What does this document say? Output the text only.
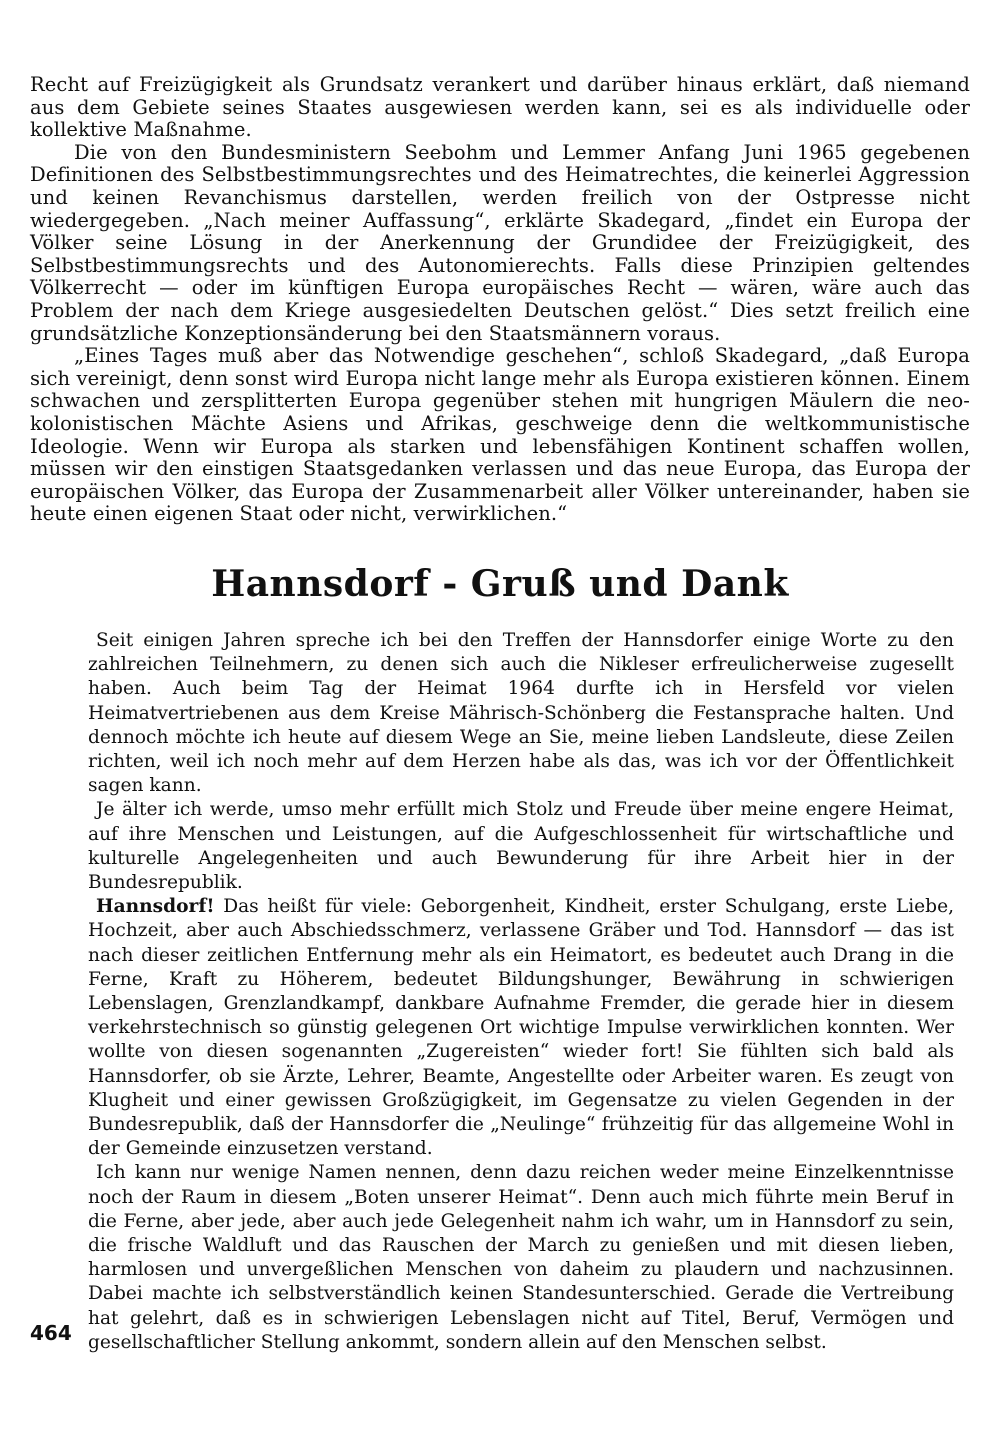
Recht auf Freizügigkeit als Grundsatz verankert und darüber hinaus erklärt, daß niemand aus dem Gebiete seines Staates ausgewiesen werden kann, sei es als individuelle oder kollektive Maßnahme.

Die von den Bundesministern Seebohm und Lemmer Anfang Juni 1965 gegebenen Definitionen des Selbstbestimmungsrechtes und des Heimatrechtes, die keinerlei Aggression und keinen Revanchismus darstellen, werden freilich von der Ostpresse nicht wiedergegeben. „Nach meiner Auffassung“, erklärte Skadegard, „findet ein Europa der Völker seine Lösung in der Anerkennung der Grundidee der Freizügigkeit, des Selbstbestimmungsrechts und des Autonomierechts. Falls diese Prinzipien geltendes Völkerrecht — oder im künftigen Europa europäisches Recht — wären, wäre auch das Problem der nach dem Kriege ausgesiedelten Deutschen gelöst.“ Dies setzt freilich eine grundsätzliche Konzeptionsänderung bei den Staatsmännern voraus.

„Eines Tages muß aber das Notwendige geschehen“, schloß Skadegard, „daß Europa sich vereinigt, denn sonst wird Europa nicht lange mehr als Europa existieren können. Einem schwachen und zersplitterten Europa gegenüber stehen mit hungrigen Mäulern die neo-kolonistischen Mächte Asiens und Afrikas, geschweige denn die weltkommunistische Ideologie. Wenn wir Europa als starken und lebensfähigen Kontinent schaffen wollen, müssen wir den einstigen Staatsgedanken verlassen und das neue Europa, das Europa der europäischen Völker, das Europa der Zusammenarbeit aller Völker untereinander, haben sie heute einen eigenen Staat oder nicht, verwirklichen.“

Hannsdorf - Gruß und Dank

Seit einigen Jahren spreche ich bei den Treffen der Hannsdorfer einige Worte zu den zahlreichen Teilnehmern, zu denen sich auch die Nikleser erfreulicherweise zugesellt haben. Auch beim Tag der Heimat 1964 durfte ich in Hersfeld vor vielen Heimatvertriebenen aus dem Kreise Mährisch-Schönberg die Festansprache halten. Und dennoch möchte ich heute auf diesem Wege an Sie, meine lieben Landsleute, diese Zeilen richten, weil ich noch mehr auf dem Herzen habe als das, was ich vor der Öffentlichkeit sagen kann.

Je älter ich werde, umso mehr erfüllt mich Stolz und Freude über meine engere Heimat, auf ihre Menschen und Leistungen, auf die Aufgeschlossenheit für wirtschaftliche und kulturelle Angelegenheiten und auch Bewunderung für ihre Arbeit hier in der Bundesrepublik.

Hannsdorf! Das heißt für viele: Geborgenheit, Kindheit, erster Schulgang, erste Liebe, Hochzeit, aber auch Abschiedsschmerz, verlassene Gräber und Tod. Hannsdorf — das ist nach dieser zeitlichen Entfernung mehr als ein Heimatort, es bedeutet auch Drang in die Ferne, Kraft zu Höherem, bedeutet Bildungshunger, Bewährung in schwierigen Lebenslagen, Grenzlandkampf, dankbare Aufnahme Fremder, die gerade hier in diesem verkehrstechnisch so günstig gelegenen Ort wichtige Impulse verwirklichen konnten. Wer wollte von diesen sogenannten „Zugereisten“ wieder fort! Sie fühlten sich bald als Hannsdorfer, ob sie Ärzte, Lehrer, Beamte, Angestellte oder Arbeiter waren. Es zeugt von Klugheit und einer gewissen Großzügigkeit, im Gegensatze zu vielen Gegenden in der Bundesrepublik, daß der Hannsdorfer die „Neulinge“ frühzeitig für das allgemeine Wohl in der Gemeinde einzusetzen verstand.

Ich kann nur wenige Namen nennen, denn dazu reichen weder meine Einzelkenntnisse noch der Raum in diesem „Boten unserer Heimat“. Denn auch mich führte mein Beruf in die Ferne, aber jede, aber auch jede Gelegenheit nahm ich wahr, um in Hannsdorf zu sein, die frische Waldluft und das Rauschen der March zu genießen und mit diesen lieben, harmlosen und unvergeßlichen Menschen von daheim zu plaudern und nachzusinnen. Dabei machte ich selbstverständlich keinen Standesunterschied. Gerade die Vertreibung hat gelehrt, daß es in schwierigen Lebenslagen nicht auf Titel, Beruf, Vermögen und gesellschaftlicher Stellung ankommt, sondern allein auf den Menschen selbst.

464
